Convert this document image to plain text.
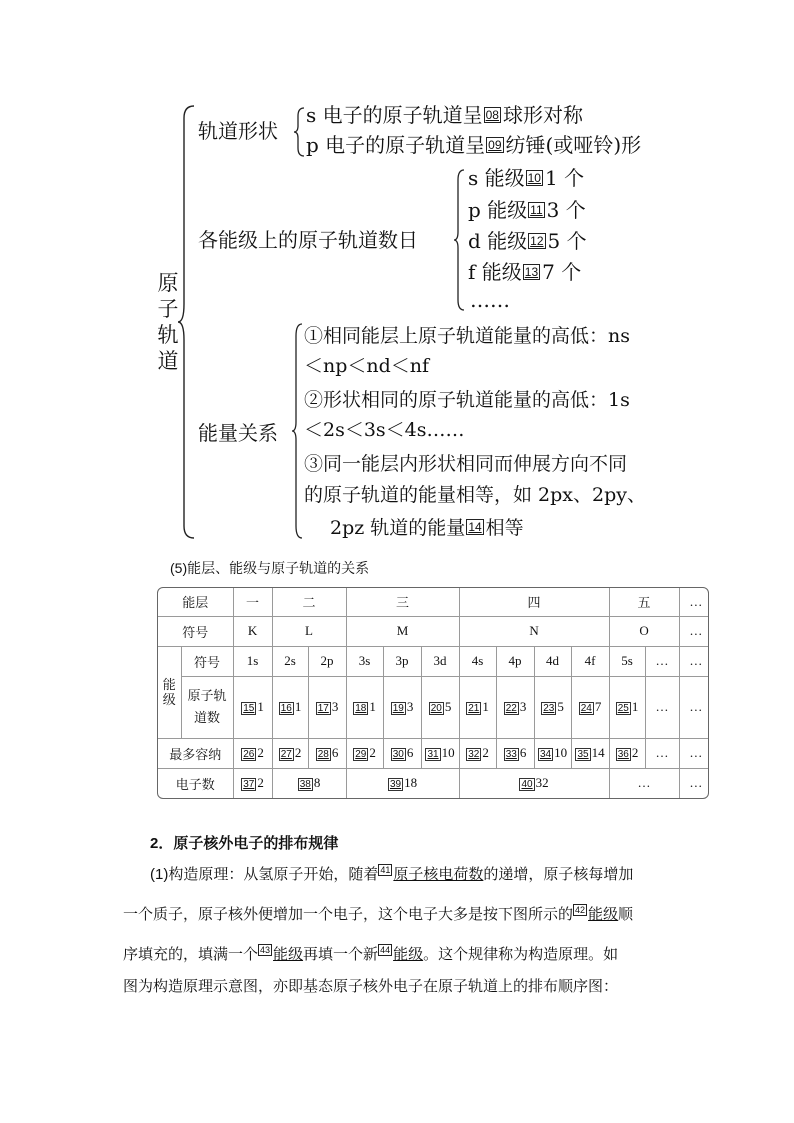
原子轨道
轨道形状
s 电子的原子轨道呈 08 球形对称
p 电子的原子轨道呈 09 纺锤(或哑铃)形
各能级上的原子轨道数日
s 能级 10 1 个
p 能级 11 3 个
d 能级 12 5 个
f 能级 13 7 个
……
能量关系
①相同能层上原子轨道能量的高低：ns
＜np＜nd＜nf
②形状相同的原子轨道能量的高低：1s
＜2s＜3s＜4s……
③同一能层内形状相同而伸展方向不同
的原子轨道的能量相等，如 2px、2py、
2pz 轨道的能量 14 相等
(5)能层、能级与原子轨道的关系
能层		一	二		三			四				五		…
符号		K	L		M			N				O		…
能级	符号	1s	2s	2p	3s	3p	3d	4s	4p	4d	4f	5s	…	…
	原子轨道数	15 1	16 1	17 3	18 1	19 3	20 5	21 1	22 3	23 5	24 7	25 1	…	…
最多容纳		26 2	27 2	28 6	29 2	30 6	31 10	32 2	33 6	34 10	35 14	36 2	…	…
电子数		37 2	38 8		39 18			40 32				…		…
2．原子核外电子的排布规律
(1)构造原理：从氢原子开始，随着 41 原子核电荷数的递增，原子核每增加
一个质子，原子核外便增加一个电子，这个电子大多是按下图所示的 42 能级顺
序填充的，填满一个 43 能级再填一个新 44 能级。这个规律称为构造原理。如
图为构造原理示意图，亦即基态原子核外电子在原子轨道上的排布顺序图：
